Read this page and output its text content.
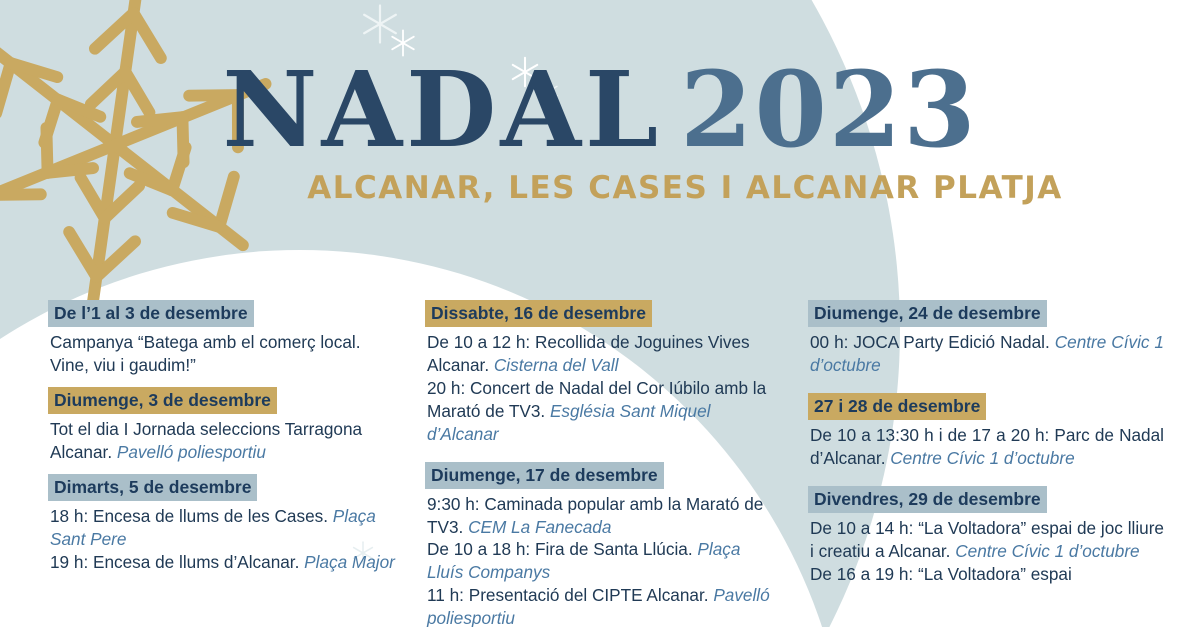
NADAL 2023
ALCANAR, LES CASES I ALCANAR PLATJA
De l’1 al 3 de desembre
Campanya “Batega amb el comerç local. Vine, viu i gaudim!”
Diumenge, 3 de desembre
Tot el dia I Jornada seleccions Tarragona Alcanar. Pavelló poliesportiu
Dimarts, 5 de desembre
18 h: Encesa de llums de les Cases. Plaça Sant Pere
19 h: Encesa de llums d’Alcanar. Plaça Major
Dissabte, 16 de desembre
De 10 a 12 h: Recollida de Joguines Vives Alcanar. Cisterna del Vall
20 h: Concert de Nadal del Cor Iúbilo amb la Marató de TV3. Església Sant Miquel d’Alcanar
Diumenge, 17 de desembre
9:30 h: Caminada popular amb la Marató de TV3. CEM La Fanecada
De 10 a 18 h: Fira de Santa Llúcia. Plaça Lluís Companys
11 h: Presentació del CIPTE Alcanar. Pavelló poliesportiu
Diumenge, 24 de desembre
00 h: JOCA Party Edició Nadal. Centre Cívic 1 d’octubre
27 i 28 de desembre
De 10 a 13:30 h i de 17 a 20 h: Parc de Nadal d’Alcanar. Centre Cívic 1 d’octubre
Divendres, 29 de desembre
De 10 a 14 h: “La Voltadora” espai de joc lliure i creatiu a Alcanar. Centre Cívic 1 d’octubre
De 16 a 19 h: “La Voltadora” espai
